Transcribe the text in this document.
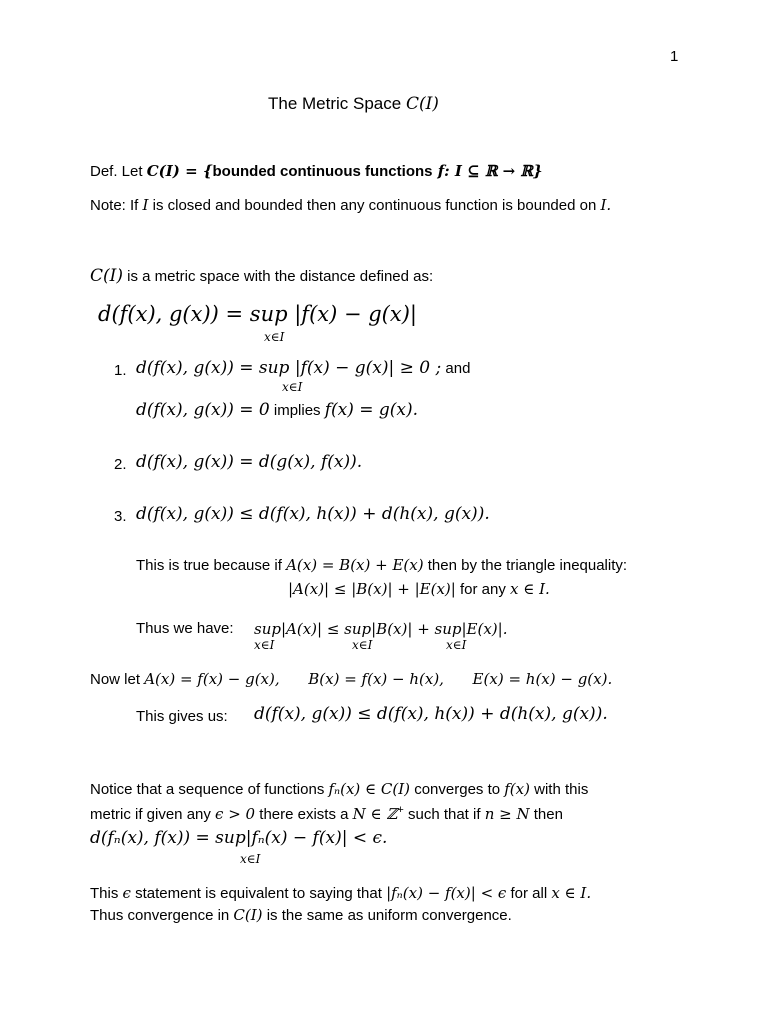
1
The Metric Space C(I)
Def. Let C(I) = {bounded continuous functions f: I ⊆ ℝ → ℝ}
Note: If I is closed and bounded then any continuous function is bounded on I.
C(I) is a metric space with the distance defined as:
d(f(x), g(x)) = sup |f(x) − g(x)|
x∈I
1. d(f(x), g(x)) = sup |f(x) − g(x)| ≥ 0 ; and
x∈I
d(f(x), g(x)) = 0 implies f(x) = g(x).
2. d(f(x), g(x)) = d(g(x), f(x)).
3. d(f(x), g(x)) ≤ d(f(x), h(x)) + d(h(x), g(x)).
This is true because if A(x) = B(x) + E(x) then by the triangle inequality:
|A(x)| ≤ |B(x)| + |E(x)| for any x ∈ I.
Thus we have: sup|A(x)| ≤ sup|B(x)| + sup|E(x)|.
x∈I	x∈I	x∈I
Now let A(x) = f(x) − g(x),      B(x) = f(x) − h(x),      E(x) = h(x) − g(x).
This gives us: d(f(x), g(x)) ≤ d(f(x), h(x)) + d(h(x), g(x)).
Notice that a sequence of functions fₙ(x) ∈ C(I) converges to f(x) with this
metric if given any ϵ > 0 there exists a N ∈ ℤ+ such that if n ≥ N then
d(fₙ(x), f(x)) = sup|fₙ(x) − f(x)| < ϵ.
x∈I
This ϵ statement is equivalent to saying that |fₙ(x) − f(x)| < ϵ for all x ∈ I.
Thus convergence in C(I) is the same as uniform convergence.
